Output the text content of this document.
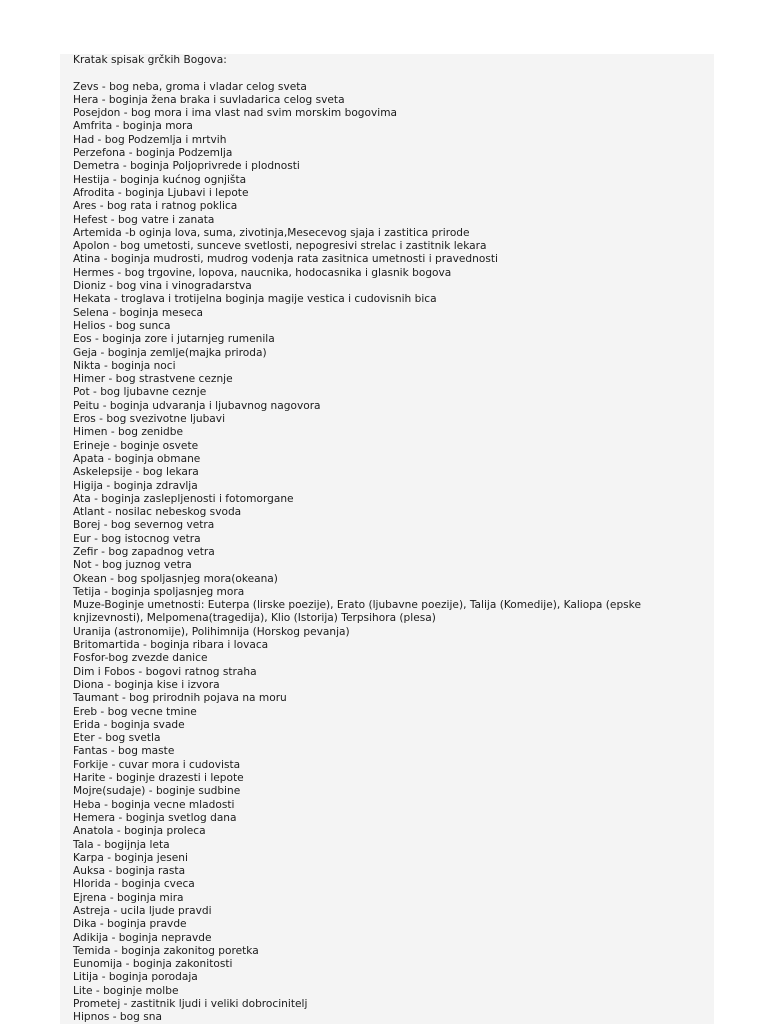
Kratak spisak grčkih Bogova:

Zevs - bog neba, groma i vladar celog sveta

Hera - boginja žena braka i suvladarica celog sveta

Posejdon - bog mora i ima vlast nad svim morskim bogovima

Amfrita - boginja mora

Had - bog Podzemlja i mrtvih

Perzefona - boginja Podzemlja

Demetra - boginja Poljoprivrede i plodnosti

Hestija - boginja kućnog ognjišta

Afrodita - boginja Ljubavi i lepote

Ares - bog rata i ratnog poklica

Hefest - bog vatre i zanata

Artemida -b oginja lova, suma, zivotinja,Mesecevog sjaja i zastitica prirode

Apolon - bog umetosti, sunceve svetlosti, nepogresivi strelac i zastitnik lekara

Atina - boginja mudrosti, mudrog vodenja rata zasitnica umetnosti i pravednosti

Hermes - bog trgovine, lopova, naucnika, hodocasnika i glasnik bogova

Dioniz - bog vina i vinogradarstva

Hekata - troglava i trotijelna boginja magije vestica i cudovisnih bica

Selena - boginja meseca

Helios - bog sunca

Eos - boginja zore i jutarnjeg rumenila

Geja - boginja zemlje(majka priroda)

Nikta - boginja noci

Himer - bog strastvene ceznje

Pot - bog ljubavne ceznje

Peitu - boginja udvaranja i ljubavnog nagovora

Eros - bog svezivotne ljubavi

Himen - bog zenidbe

Erineje - boginje osvete

Apata - boginja obmane

Askelepsije - bog lekara

Higija - boginja zdravlja

Ata - boginja zaslepljenosti i fotomorgane

Atlant - nosilac nebeskog svoda

Borej - bog severnog vetra

Eur - bog istocnog vetra

Zefir - bog zapadnog vetra

Not - bog juznog vetra

Okean - bog spoljasnjeg mora(okeana)

Tetija - boginja spoljasnjeg mora

Muze-Boginje umetnosti: Euterpa (lirske poezije), Erato (ljubavne poezije), Talija (Komedije), Kaliopa (epske knjizevnosti), Melpomena(tragedija), Klio (Istorija) Terpsihora (plesa)

Uranija (astronomije), Polihimnija (Horskog pevanja)

Britomartida - boginja ribara i lovaca

Fosfor-bog zvezde danice

Dim i Fobos - bogovi ratnog straha

Diona - boginja kise i izvora

Taumant - bog prirodnih pojava na moru

Ereb - bog vecne tmine

Erida - boginja svade

Eter - bog svetla

Fantas - bog maste

Forkije - cuvar mora i cudovista

Harite - boginje drazesti i lepote

Mojre(sudaje) - boginje sudbine

Heba - boginja vecne mladosti

Hemera - boginja svetlog dana

Anatola - boginja proleca

Tala - bogijnja leta

Karpa - boginja jeseni

Auksa - boginja rasta

Hlorida - boginja cveca

Ejrena - boginja mira

Astreja - ucila ljude pravdi

Dika - boginja pravde

Adikija - boginja nepravde

Temida - boginja zakonitog poretka

Eunomija - boginja zakonitosti

Litija - boginja porodaja

Lite - boginje molbe

Prometej - zastitnik ljudi i veliki dobrocinitelj

Hipnos - bog sna
